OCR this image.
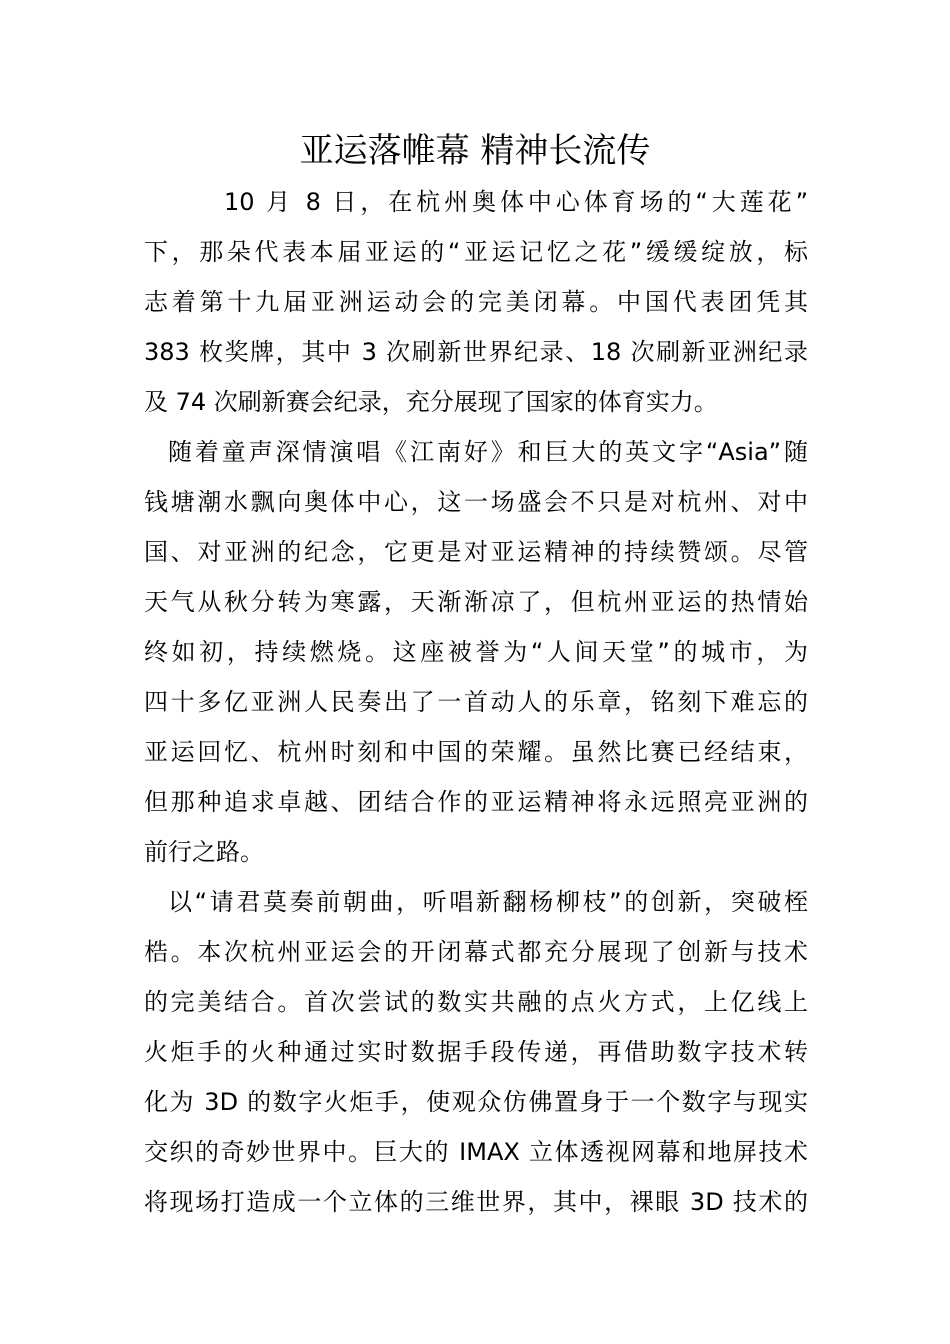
亚运落帷幕 精神长流传
10 月 8 日，在杭州奥体中心体育场的“大莲花”
下，那朵代表本届亚运的“亚运记忆之花”缓缓绽放，标
志着第十九届亚洲运动会的完美闭幕。中国代表团凭其
383 枚奖牌，其中 3 次刷新世界纪录、18 次刷新亚洲纪录
及 74 次刷新赛会纪录，充分展现了国家的体育实力。
随着童声深情演唱《江南好》和巨大的英文字“Asia”随
钱塘潮水飘向奥体中心，这一场盛会不只是对杭州、对中
国、对亚洲的纪念，它更是对亚运精神的持续赞颂。尽管
天气从秋分转为寒露，天渐渐凉了，但杭州亚运的热情始
终如初，持续燃烧。这座被誉为“人间天堂”的城市，为
四十多亿亚洲人民奏出了一首动人的乐章，铭刻下难忘的
亚运回忆、杭州时刻和中国的荣耀。虽然比赛已经结束，
但那种追求卓越、团结合作的亚运精神将永远照亮亚洲的
前行之路。
以“请君莫奏前朝曲，听唱新翻杨柳枝”的创新，突破桎
梏。本次杭州亚运会的开闭幕式都充分展现了创新与技术
的完美结合。首次尝试的数实共融的点火方式，上亿线上
火炬手的火种通过实时数据手段传递，再借助数字技术转
化为 3D 的数字火炬手，使观众仿佛置身于一个数字与现实
交织的奇妙世界中。巨大的 IMAX 立体透视网幕和地屏技术
将现场打造成一个立体的三维世界，其中，裸眼 3D 技术的
